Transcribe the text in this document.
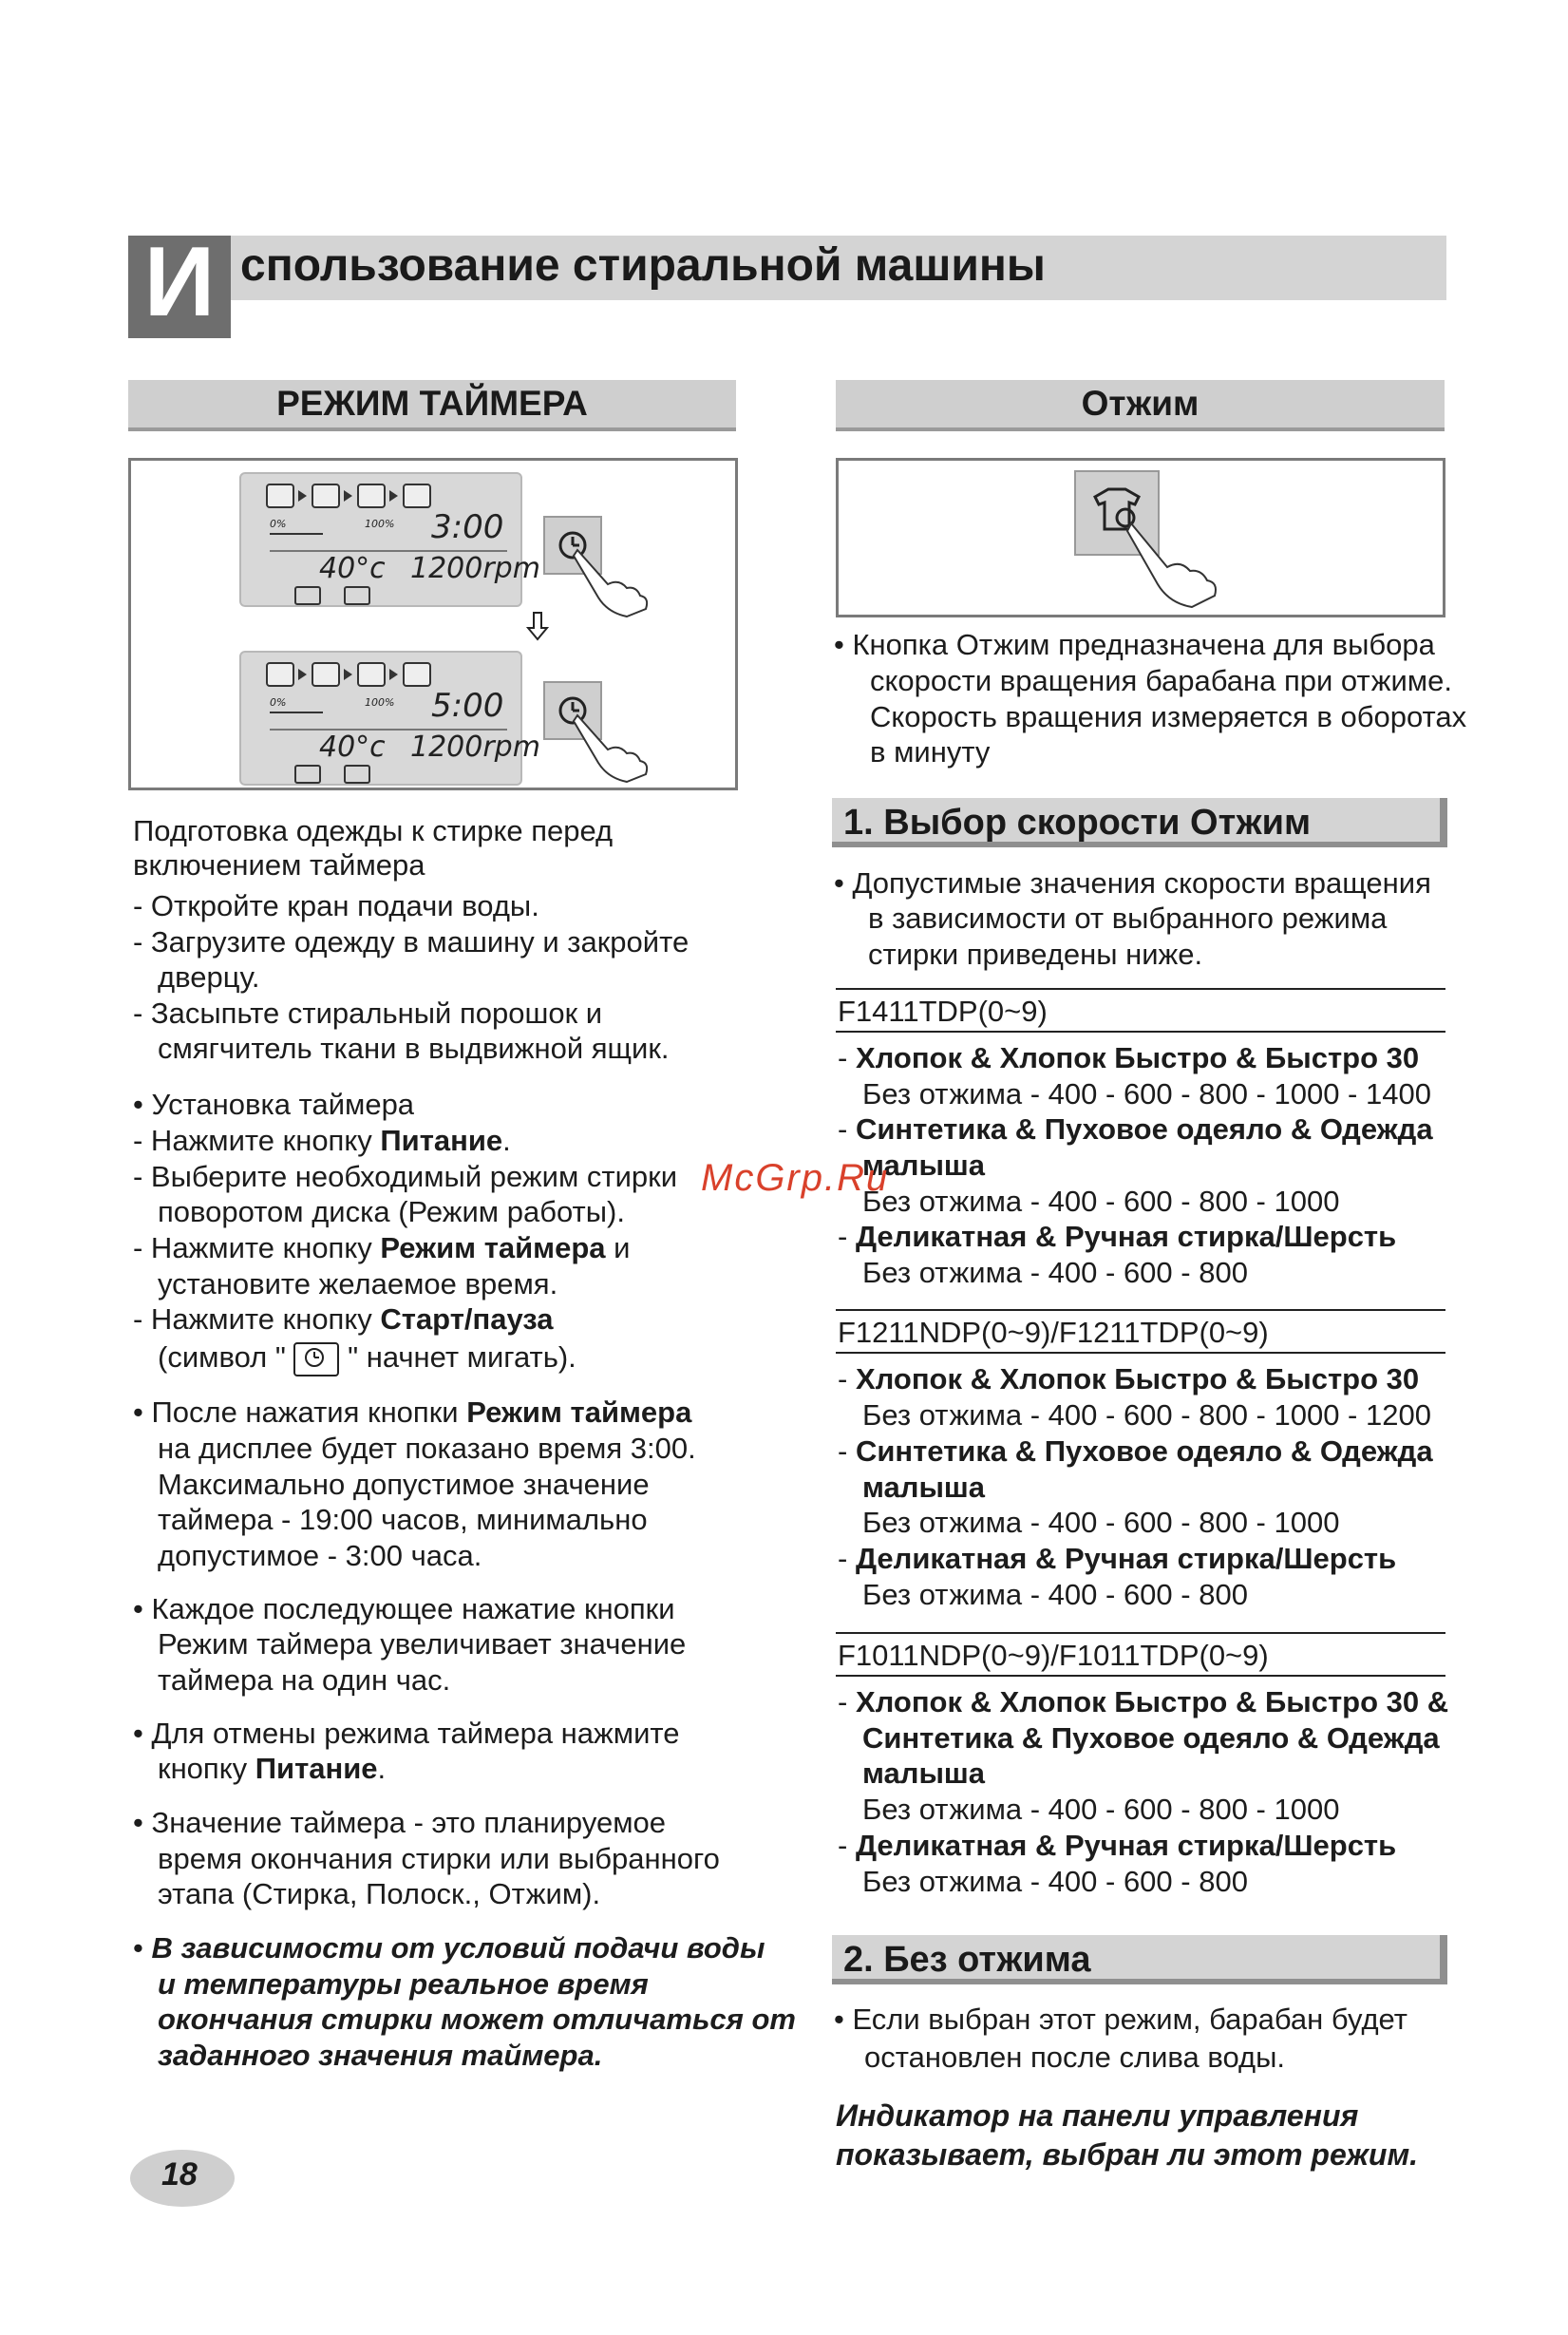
И спользование стиральной машины
РЕЖИМ ТАЙМЕРА
0%	100% 3:00
40°c 1200rpm
0%	100% 5:00
40°c 1200rpm
Подготовка одежды к стирке перед
включением таймера
- Откройте кран подачи воды.
- Загрузите одежду в машину и закройте
дверцу.
- Засыпьте стиральный порошок и
смягчитель ткани в выдвижной ящик.
• Установка таймера
- Нажмите кнопку Питание.
- Выберите необходимый режим стирки
поворотом диска (Режим работы).
- Нажмите кнопку Режим таймера и
установите желаемое время.
- Нажмите кнопку Старт/пауза
(символ " " начнет мигать).
• После нажатия кнопки Режим таймера
на дисплее будет показано время 3:00.
Максимально допустимое значение
таймера - 19:00 часов, минимально
допустимое - 3:00 часа.
• Каждое последующее нажатие кнопки
Режим таймера увеличивает значение
таймера на один час.
• Для отмены режима таймера нажмите
кнопку Питание.
• Значение таймера - это планируемое
время окончания стирки или выбранного
этапа (Стирка, Полоск., Отжим).
• В зависимости от условий подачи воды
и температуры реальное время
окончания стирки может отличаться от
заданного значения таймера.
Отжим
• Кнопка Отжим предназначена для выбора
скорости вращения барабана при отжиме.
Скорость вращения измеряется в оборотах
в минуту
1. Выбор скорости Отжим
• Допустимые значения скорости вращения
в зависимости от выбранного режима
стирки приведены ниже.
F1411TDP(0~9)
- Хлопок & Хлопок Быстро & Быстро 30
Без отжима - 400 - 600 - 800 - 1000 - 1400
- Синтетика & Пуховое одеяло & Одежда
малыша
Без отжима - 400 - 600 - 800 - 1000
- Деликатная & Ручная стирка/Шерсть
Без отжима - 400 - 600 - 800
F1211NDP(0~9)/F1211TDP(0~9)
- Хлопок & Хлопок Быстро & Быстро 30
Без отжима - 400 - 600 - 800 - 1000 - 1200
- Синтетика & Пуховое одеяло & Одежда
малыша
Без отжима - 400 - 600 - 800 - 1000
- Деликатная & Ручная стирка/Шерсть
Без отжима - 400 - 600 - 800
F1011NDP(0~9)/F1011TDP(0~9)
- Хлопок & Хлопок Быстро & Быстро 30 &
Синтетика & Пуховое одеяло & Одежда
малыша
Без отжима - 400 - 600 - 800 - 1000
- Деликатная & Ручная стирка/Шерсть
Без отжима - 400 - 600 - 800
2. Без отжима
• Если выбран этот режим, барабан будет
остановлен после слива воды.
Индикатор на панели управления
показывает, выбран ли этот режим.
McGrp.Ru
18
